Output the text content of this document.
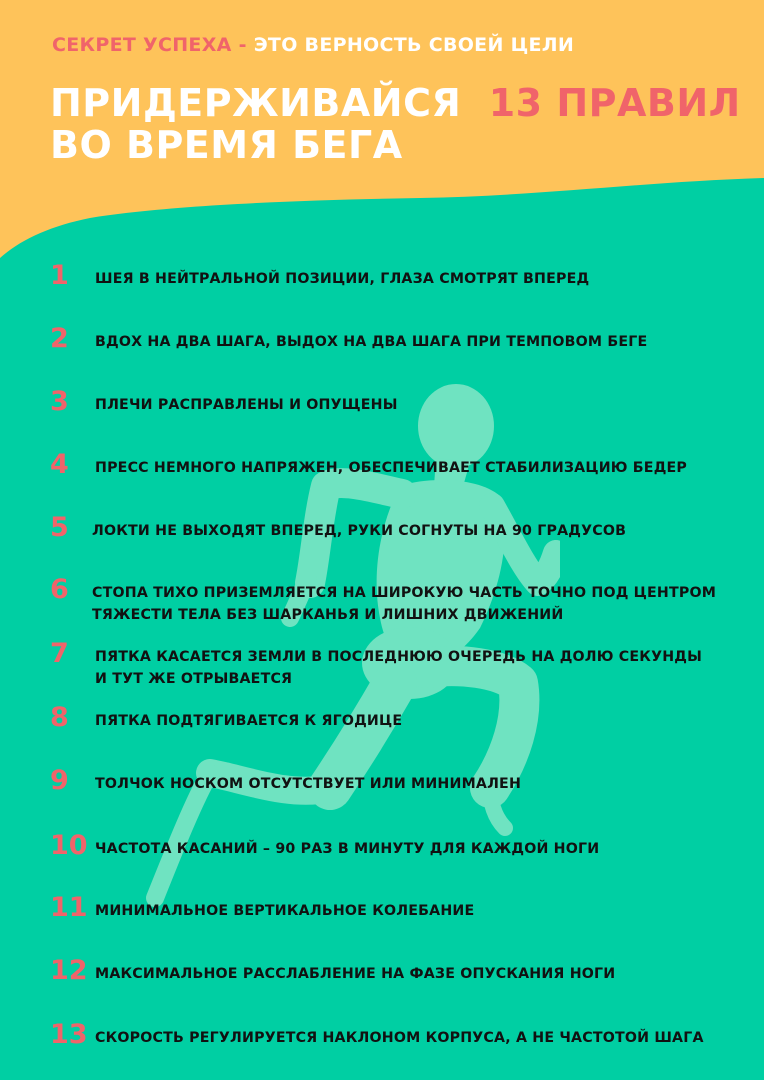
СЕКРЕТ УСПЕХА - ЭТО ВЕРНОСТЬ СВОЕЙ ЦЕЛИ
ПРИДЕРЖИВАЙСЯ 13 ПРАВИЛ
ВО ВРЕМЯ БЕГА
1 ШЕЯ В НЕЙТРАЛЬНОЙ ПОЗИЦИИ, ГЛАЗА СМОТРЯТ ВПЕРЕД
2 ВДОХ НА ДВА ШАГА, ВЫДОХ НА ДВА ШАГА ПРИ ТЕМПОВОМ БЕГЕ
3 ПЛЕЧИ РАСПРАВЛЕНЫ И ОПУЩЕНЫ
4 ПРЕСС НЕМНОГО НАПРЯЖЕН, ОБЕСПЕЧИВАЕТ СТАБИЛИЗАЦИЮ БЕДЕР
5 ЛОКТИ НЕ ВЫХОДЯТ ВПЕРЕД, РУКИ СОГНУТЫ НА 90 ГРАДУСОВ
6 СТОПА ТИХО ПРИЗЕМЛЯЕТСЯ НА ШИРОКУЮ ЧАСТЬ ТОЧНО ПОД ЦЕНТРОМ
ТЯЖЕСТИ ТЕЛА БЕЗ ШАРКАНЬЯ И ЛИШНИХ ДВИЖЕНИЙ
7 ПЯТКА КАСАЕТСЯ ЗЕМЛИ В ПОСЛЕДНЮЮ ОЧЕРЕДЬ НА ДОЛЮ СЕКУНДЫ
И ТУТ ЖЕ ОТРЫВАЕТСЯ
8 ПЯТКА ПОДТЯГИВАЕТСЯ К ЯГОДИЦЕ
9 ТОЛЧОК НОСКОМ ОТСУТСТВУЕТ ИЛИ МИНИМАЛЕН
10 ЧАСТОТА КАСАНИЙ – 90 РАЗ В МИНУТУ ДЛЯ КАЖДОЙ НОГИ
11 МИНИМАЛЬНОЕ ВЕРТИКАЛЬНОЕ КОЛЕБАНИЕ
12 МАКСИМАЛЬНОЕ РАССЛАБЛЕНИЕ НА ФАЗЕ ОПУСКАНИЯ НОГИ
13 СКОРОСТЬ РЕГУЛИРУЕТСЯ НАКЛОНОМ КОРПУСА, А НЕ ЧАСТОТОЙ ШАГА
